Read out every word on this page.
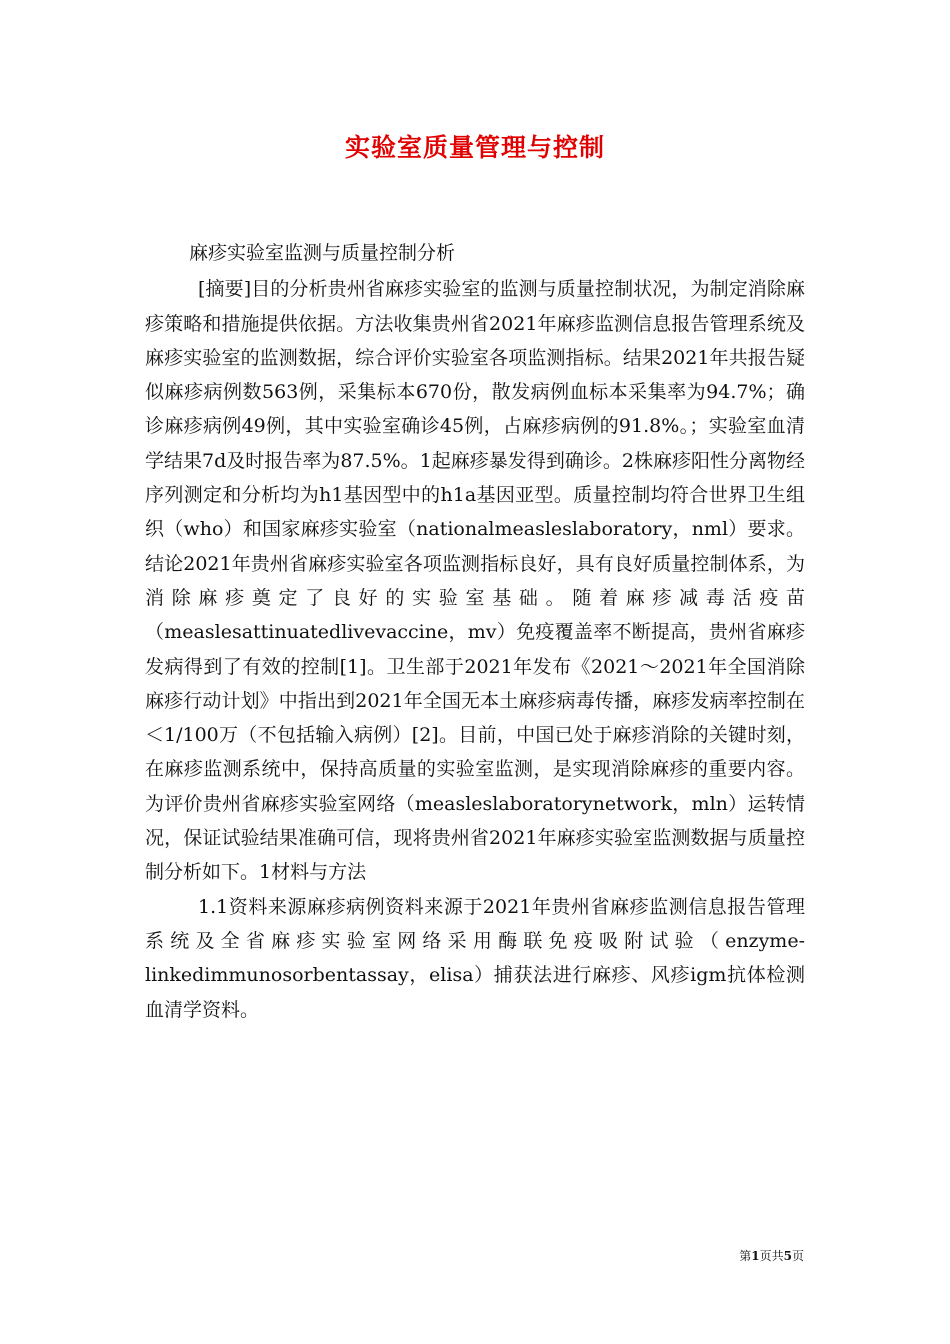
实验室质量管理与控制

麻疹实验室监测与质量控制分析

[摘要]目的分析贵州省麻疹实验室的监测与质量控制状况，为制定消除麻疹策略和措施提供依据。方法收集贵州省2021年麻疹监测信息报告管理系统及麻疹实验室的监测数据，综合评价实验室各项监测指标。结果2021年共报告疑似麻疹病例数563例，采集标本670份，散发病例血标本采集率为94.7%；确诊麻疹病例49例，其中实验室确诊45例，占麻疹病例的91.8%。；实验室血清学结果7d及时报告率为87.5%。1起麻疹暴发得到确诊。2株麻疹阳性分离物经序列测定和分析均为h1基因型中的h1a基因亚型。质量控制均符合世界卫生组织（who）和国家麻疹实验室（nationalmeaslеslaboratory，nml）要求。结论2021年贵州省麻疹实验室各项监测指标良好，具有良好质量控制体系，为消除麻疹奠定了良好的实验室基础。随着麻疹减毒活疫苗（measlesattinuatedlivevaccine，mv）免疫覆盖率不断提高，贵州省麻疹发病得到了有效的控制[1]。卫生部于2021年发布《2021～2021年全国消除麻疹行动计划》中指出到2021年全国无本土麻疹病毒传播，麻疹发病率控制在＜1/100万（不包括输入病例）[2]。目前，中国已处于麻疹消除的关键时刻，在麻疹监测系统中，保持高质量的实验室监测，是实现消除麻疹的重要内容。为评价贵州省麻疹实验室网络（measleslaboratorynetwork，mln）运转情况，保证试验结果准确可信，现将贵州省2021年麻疹实验室监测数据与质量控制分析如下。1材料与方法

1.1资料来源麻疹病例资料来源于2021年贵州省麻疹监测信息报告管理系统及全省麻疹实验室网络采用酶联免疫吸附试验（enzyme-linkedimmunosorbentassay，elisa）捕获法进行麻疹、风疹igm抗体检测血清学资料。

第1页共5页
